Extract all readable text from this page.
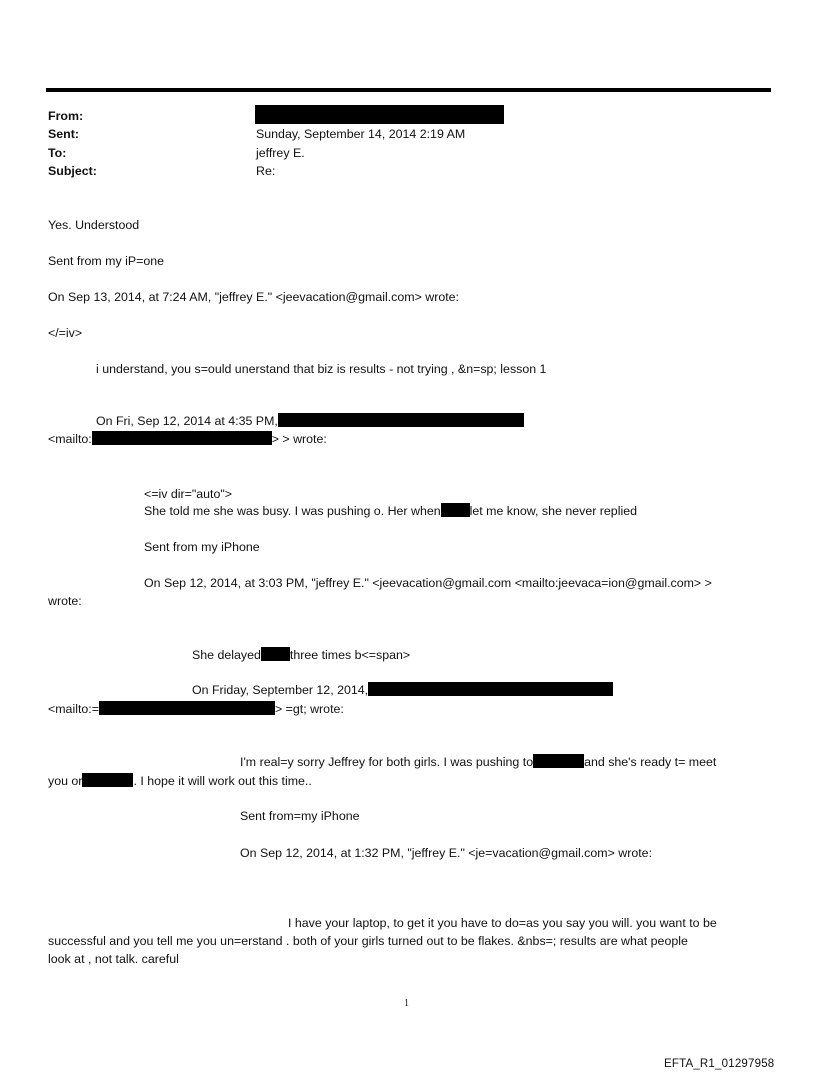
From:
Sent:	Sunday, September 14, 2014 2:19 AM
To:	jeffrey E.
Subject:	Re:
Yes. Understood
Sent from my iP=one
On Sep 13, 2014, at 7:24 AM, "jeffrey E." <jeevacation@gmail.com> wrote:
</=iv>
i understand, you s=ould unerstand that biz is results - not trying , &n=sp; lesson 1
On Fri, Sep 12, 2014 at 4:35 PM,
<mailto:	> > wrote:
<=iv dir="auto">
She told me she was busy. I was pushing o. Her when let me know, she never replied
Sent from my iPhone
On Sep 12, 2014, at 3:03 PM, "jeffrey E." <jeevacation@gmail.com <mailto:jeevaca=ion@gmail.com> >
wrote:
She delayed three times b<=span>
On Friday, September 12, 2014,
<mailto:=	> =gt; wrote:
I'm real=y sorry Jeffrey for both girls. I was pushing to	and she's ready t= meet
you or	. I hope it will work out this time..
Sent from=my iPhone
On Sep 12, 2014, at 1:32 PM, "jeffrey E." <je=vacation@gmail.com> wrote:
I have your laptop, to get it you have to do=as you say you will. you want to be
successful and you tell me you un=erstand . both of your girls turned out to be flakes. &nbs=; results are what people
look at , not talk. careful
1
EFTA_R1_01297958
